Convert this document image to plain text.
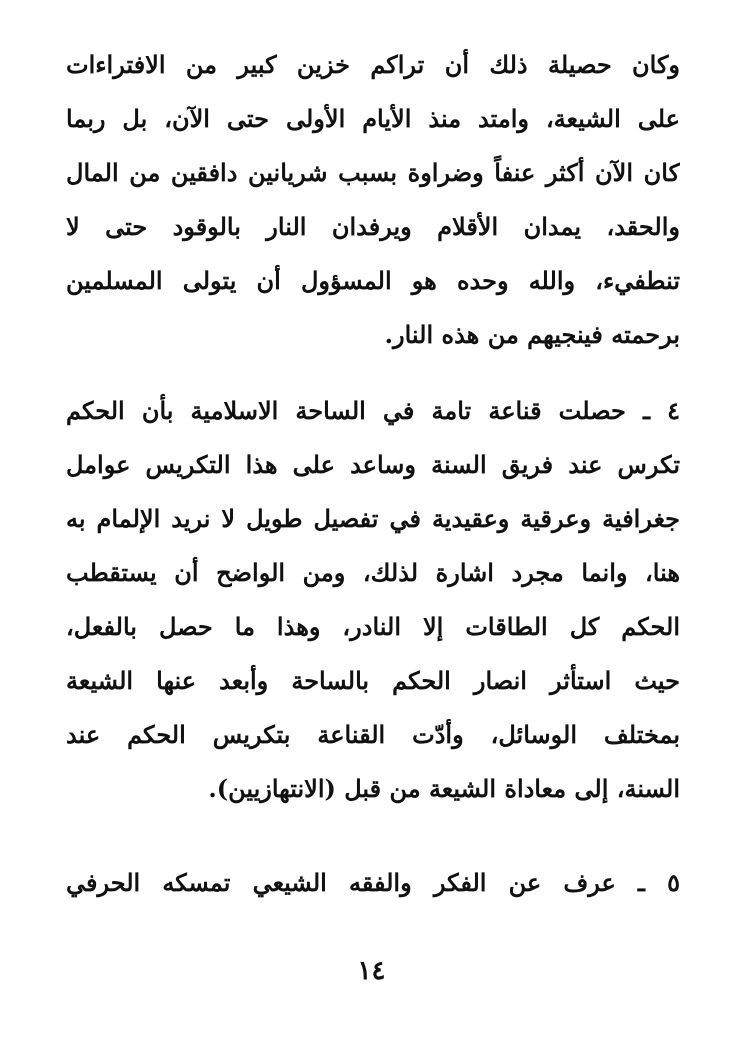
وكان حصيلة ذلك أن تراكم خزين كبير من الافتراءات
على الشيعة، وامتد منذ الأيام الأولى حتى الآن، بل ربما
كان الآن أكثر عنفاً وضراوة بسبب شريانين دافقين من المال
والحقد، يمدان الأقلام ويرفدان النار بالوقود حتى لا
تنطفيء، والله وحده هو المسؤول أن يتولى المسلمين
برحمته فينجيهم من هذه النار.
٤ ـ حصلت قناعة تامة في الساحة الاسلامية بأن الحكم
تكرس عند فريق السنة وساعد على هذا التكريس عوامل
جغرافية وعرقية وعقيدية في تفصيل طويل لا نريد الإلمام به
هنا، وانما مجرد اشارة لذلك، ومن الواضح أن يستقطب
الحكم كل الطاقات إلا النادر، وهذا ما حصل بالفعل،
حيث استأثر انصار الحكم بالساحة وأبعد عنها الشيعة
بمختلف الوسائل، وأدّت القناعة بتكريس الحكم عند
السنة، إلى معاداة الشيعة من قبل (الانتهازيين).
٥ ـ عرف عن الفكر والفقه الشيعي تمسكه الحرفي
١٤
